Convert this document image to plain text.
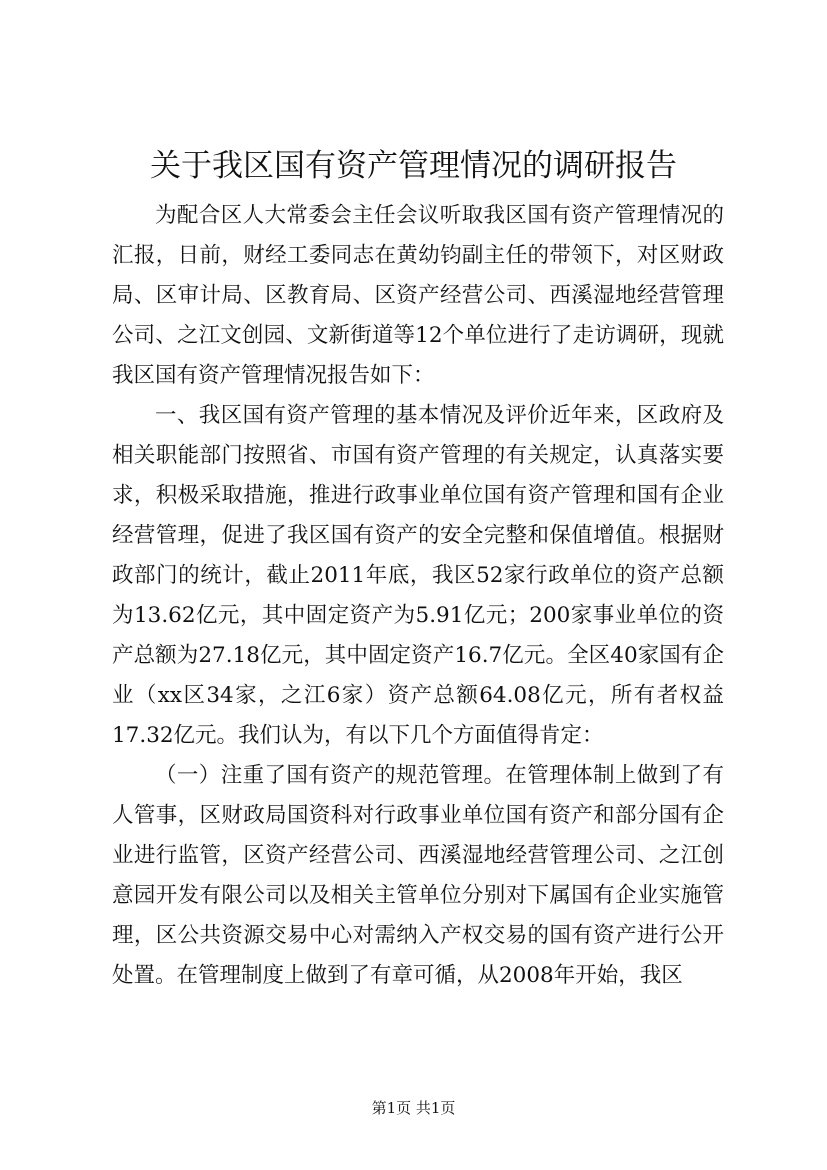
关于我区国有资产管理情况的调研报告

为配合区人大常委会主任会议听取我区国有资产管理情况的汇报，日前，财经工委同志在黄幼钧副主任的带领下，对区财政局、区审计局、区教育局、区资产经营公司、西溪湿地经营管理公司、之江文创园、文新街道等12个单位进行了走访调研，现就我区国有资产管理情况报告如下：

一、我区国有资产管理的基本情况及评价近年来，区政府及相关职能部门按照省、市国有资产管理的有关规定，认真落实要求，积极采取措施，推进行政事业单位国有资产管理和国有企业经营管理，促进了我区国有资产的安全完整和保值增值。根据财政部门的统计，截止2011年底，我区52家行政单位的资产总额为13.62亿元，其中固定资产为5.91亿元；200家事业单位的资产总额为27.18亿元，其中固定资产16.7亿元。全区40家国有企业（xx区34家，之江6家）资产总额64.08亿元，所有者权益17.32亿元。我们认为，有以下几个方面值得肯定：

（一）注重了国有资产的规范管理。在管理体制上做到了有人管事，区财政局国资科对行政事业单位国有资产和部分国有企业进行监管，区资产经营公司、西溪湿地经营管理公司、之江创意园开发有限公司以及相关主管单位分别对下属国有企业实施管理，区公共资源交易中心对需纳入产权交易的国有资产进行公开处置。在管理制度上做到了有章可循，从2008年开始，我区

第1页 共1页
